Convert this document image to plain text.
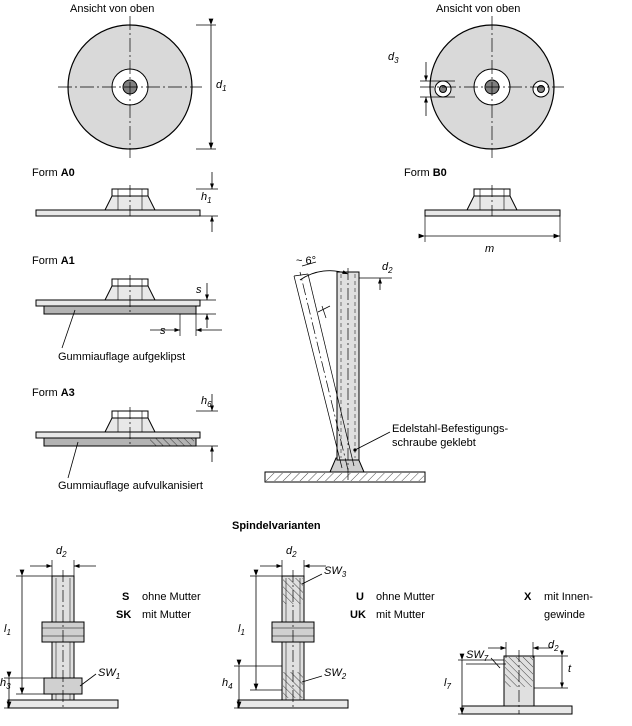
Ansicht von oben	Ansicht von oben
$d_1$
$d_3$
Form A0	Form B0
Form A1
Form A3
$h_1$
m
s
s
$h_6$
Gummiauflage aufgeklipst
Gummiauflage aufvulkanisiert
~ 6°	$d_2$
Edelstahl-Befestigungs-
schraube geklebt
Spindelvarianten
$d_2$
$l_1$
$h_3$
$SW_1$
S ohne Mutter
SK mit Mutter
$d_2$
$SW_3$
$SW_2$
$l_1$
$h_4$
U ohne Mutter
UK mit Mutter
X mit Innen-
gewinde
$SW_7$
$d_2$
t
$l_7$
